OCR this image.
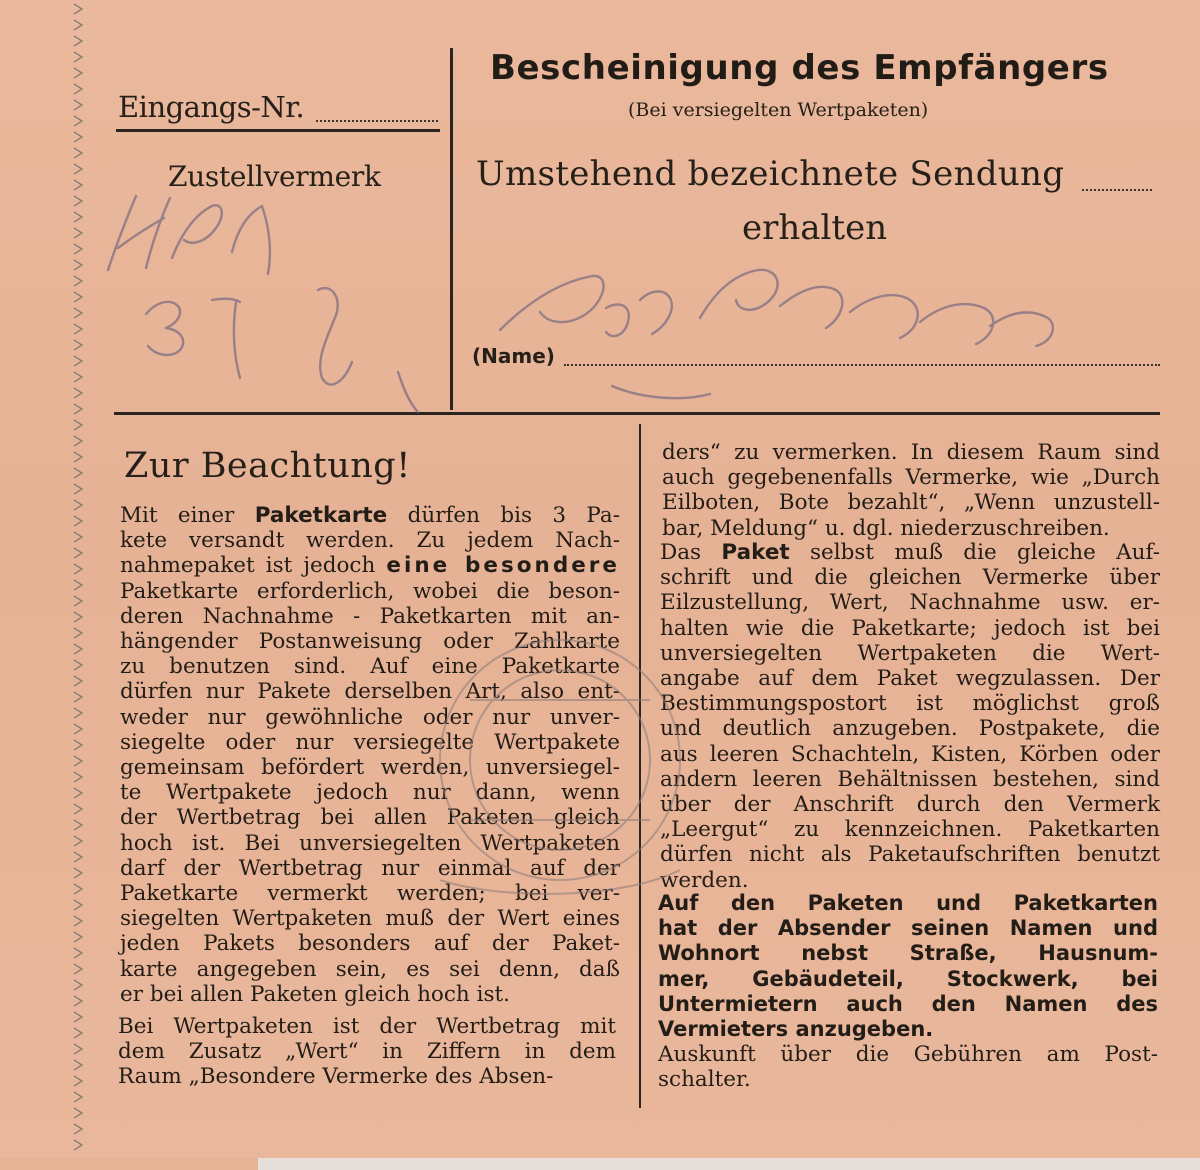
Eingangs-Nr.
Zustellvermerk
Bescheinigung des Empfängers
(Bei versiegelten Wertpaketen)
Umstehend bezeichnete Sendung
erhalten
(Name)
Zur Beachtung!
Mit einer Paketkarte dürfen bis 3 Pa-
kete versandt werden. Zu jedem Nach-
nahmepaket ist jedoch eine besondere
Paketkarte erforderlich, wobei die beson-
deren Nachnahme - Paketkarten mit an-
hängender Postanweisung oder Zahlkarte
zu benutzen sind. Auf eine Paketkarte
dürfen nur Pakete derselben Art, also ent-
weder nur gewöhnliche oder nur unver-
siegelte oder nur versiegelte Wertpakete
gemeinsam befördert werden, unversiegel-
te Wertpakete jedoch nur dann, wenn
der Wertbetrag bei allen Paketen gleich
hoch ist. Bei unversiegelten Wertpaketen
darf der Wertbetrag nur einmal auf der
Paketkarte vermerkt werden; bei ver-
siegelten Wertpaketen muß der Wert eines
jeden Pakets besonders auf der Paket-
karte angegeben sein, es sei denn, daß
er bei allen Paketen gleich hoch ist.
Bei Wertpaketen ist der Wertbetrag mit
dem Zusatz „Wert“ in Ziffern in dem
Raum „Besondere Vermerke des Absen-
ders“ zu vermerken. In diesem Raum sind
auch gegebenenfalls Vermerke, wie „Durch
Eilboten, Bote bezahlt“, „Wenn unzustell-
bar, Meldung“ u. dgl. niederzuschreiben.
Das Paket selbst muß die gleiche Auf-
schrift und die gleichen Vermerke über
Eilzustellung, Wert, Nachnahme usw. er-
halten wie die Paketkarte; jedoch ist bei
unversiegelten Wertpaketen die Wert-
angabe auf dem Paket wegzulassen. Der
Bestimmungspostort ist möglichst groß
und deutlich anzugeben. Postpakete, die
aus leeren Schachteln, Kisten, Körben oder
andern leeren Behältnissen bestehen, sind
über der Anschrift durch den Vermerk
„Leergut“ zu kennzeichnen. Paketkarten
dürfen nicht als Paketaufschriften benutzt
werden.
Auf den Paketen und Paketkarten
hat der Absender seinen Namen und
Wohnort nebst Straße, Hausnum-
mer, Gebäudeteil, Stockwerk, bei
Untermietern auch den Namen des
Vermieters anzugeben.
Auskunft über die Gebühren am Post-
schalter.
